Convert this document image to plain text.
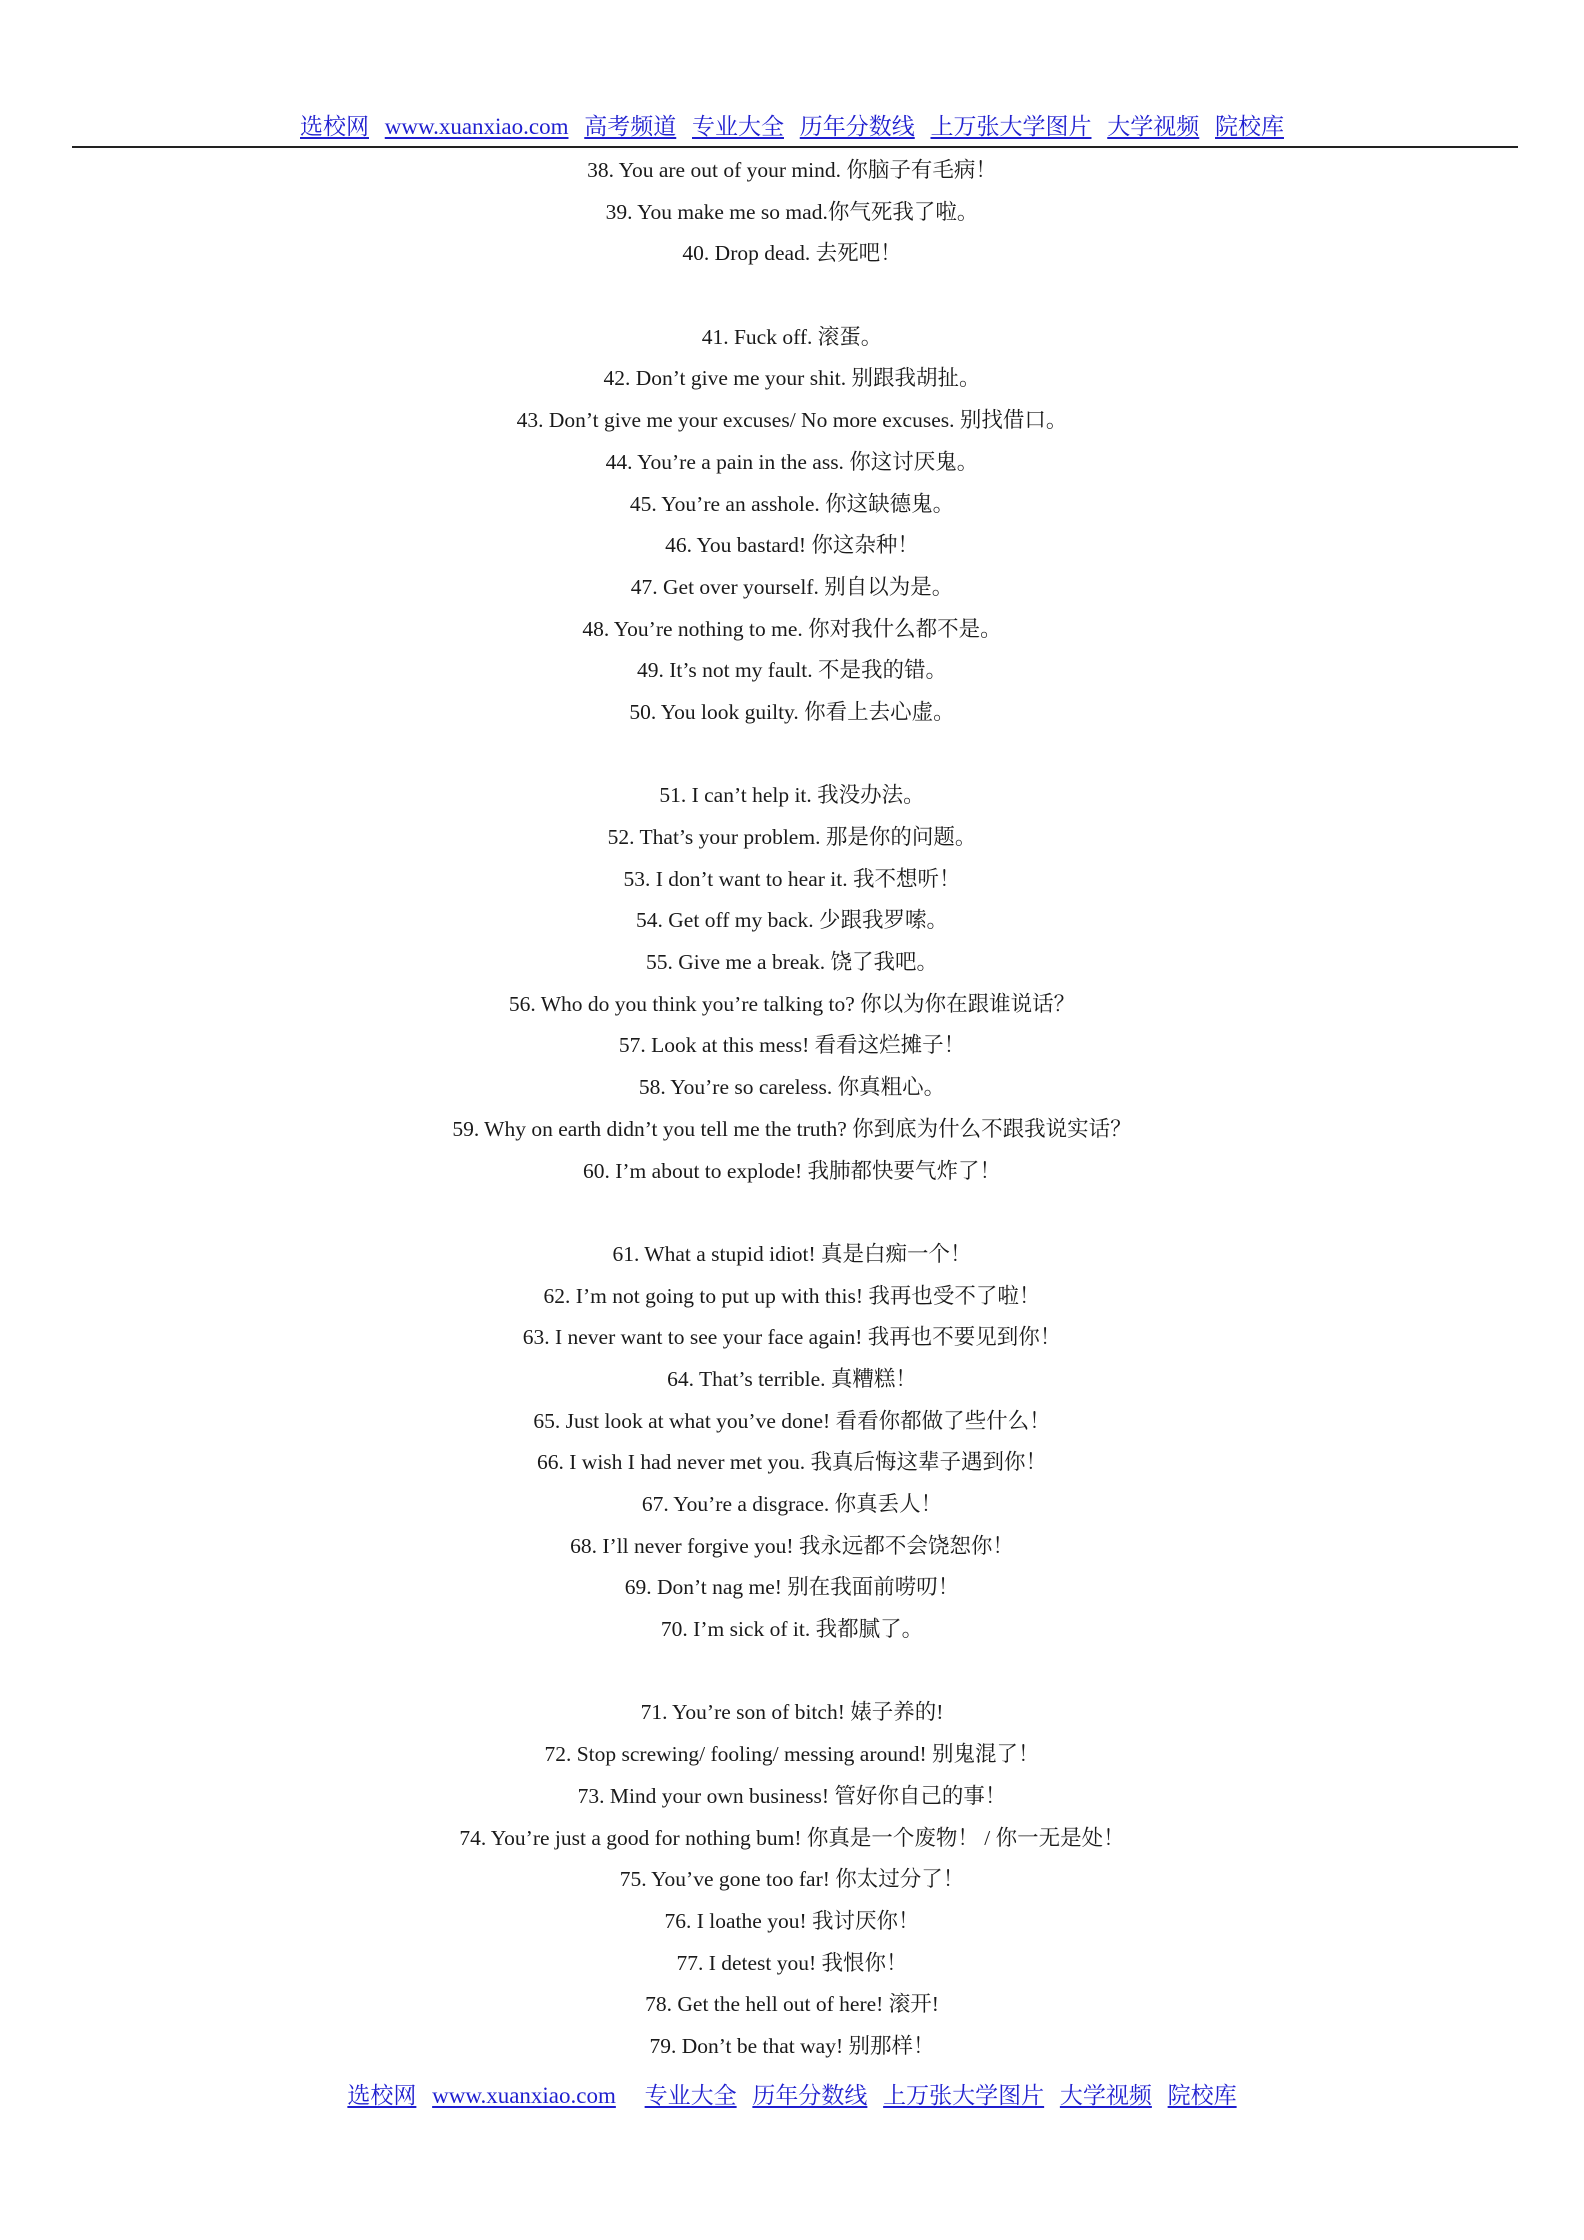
选校网 www.xuanxiao.com 高考频道 专业大全 历年分数线 上万张大学图片 大学视频 院校库
38. You are out of your mind. 你脑子有毛病！
39. You make me so mad.你气死我了啦。
40. Drop dead. 去死吧！
41. Fuck off. 滚蛋。
42. Don’t give me your shit. 别跟我胡扯。
43. Don’t give me your excuses/ No more excuses. 别找借口。
44. You’re a pain in the ass. 你这讨厌鬼。
45. You’re an asshole. 你这缺德鬼。
46. You bastard! 你这杂种！
47. Get over yourself. 别自以为是。
48. You’re nothing to me. 你对我什么都不是。
49. It’s not my fault. 不是我的错。
50. You look guilty. 你看上去心虚。
51. I can’t help it. 我没办法。
52. That’s your problem. 那是你的问题。
53. I don’t want to hear it. 我不想听！
54. Get off my back. 少跟我罗嗦。
55. Give me a break. 饶了我吧。
56. Who do you think you’re talking to? 你以为你在跟谁说话？
57. Look at this mess! 看看这烂摊子！
58. You’re so careless. 你真粗心。
59. Why on earth didn’t you tell me the truth? 你到底为什么不跟我说实话？
60. I’m about to explode! 我肺都快要气炸了！
61. What a stupid idiot! 真是白痴一个！
62. I’m not going to put up with this! 我再也受不了啦！
63. I never want to see your face again! 我再也不要见到你！
64. That’s terrible. 真糟糕！
65. Just look at what you’ve done! 看看你都做了些什么！
66. I wish I had never met you. 我真后悔这辈子遇到你！
67. You’re a disgrace. 你真丢人！
68. I’ll never forgive you! 我永远都不会饶恕你！
69. Don’t nag me! 别在我面前唠叨！
70. I’m sick of it. 我都腻了。
71. You’re son of bitch! 婊子养的!
72. Stop screwing/ fooling/ messing around! 别鬼混了！
73. Mind your own business! 管好你自己的事！
74. You’re just a good for nothing bum! 你真是一个废物！ / 你一无是处！
75. You’ve gone too far! 你太过分了！
76. I loathe you! 我讨厌你！
77. I detest you! 我恨你！
78. Get the hell out of here! 滚开!
79. Don’t be that way! 别那样！
选校网 www.xuanxiao.com 专业大全 历年分数线 上万张大学图片 大学视频 院校库
